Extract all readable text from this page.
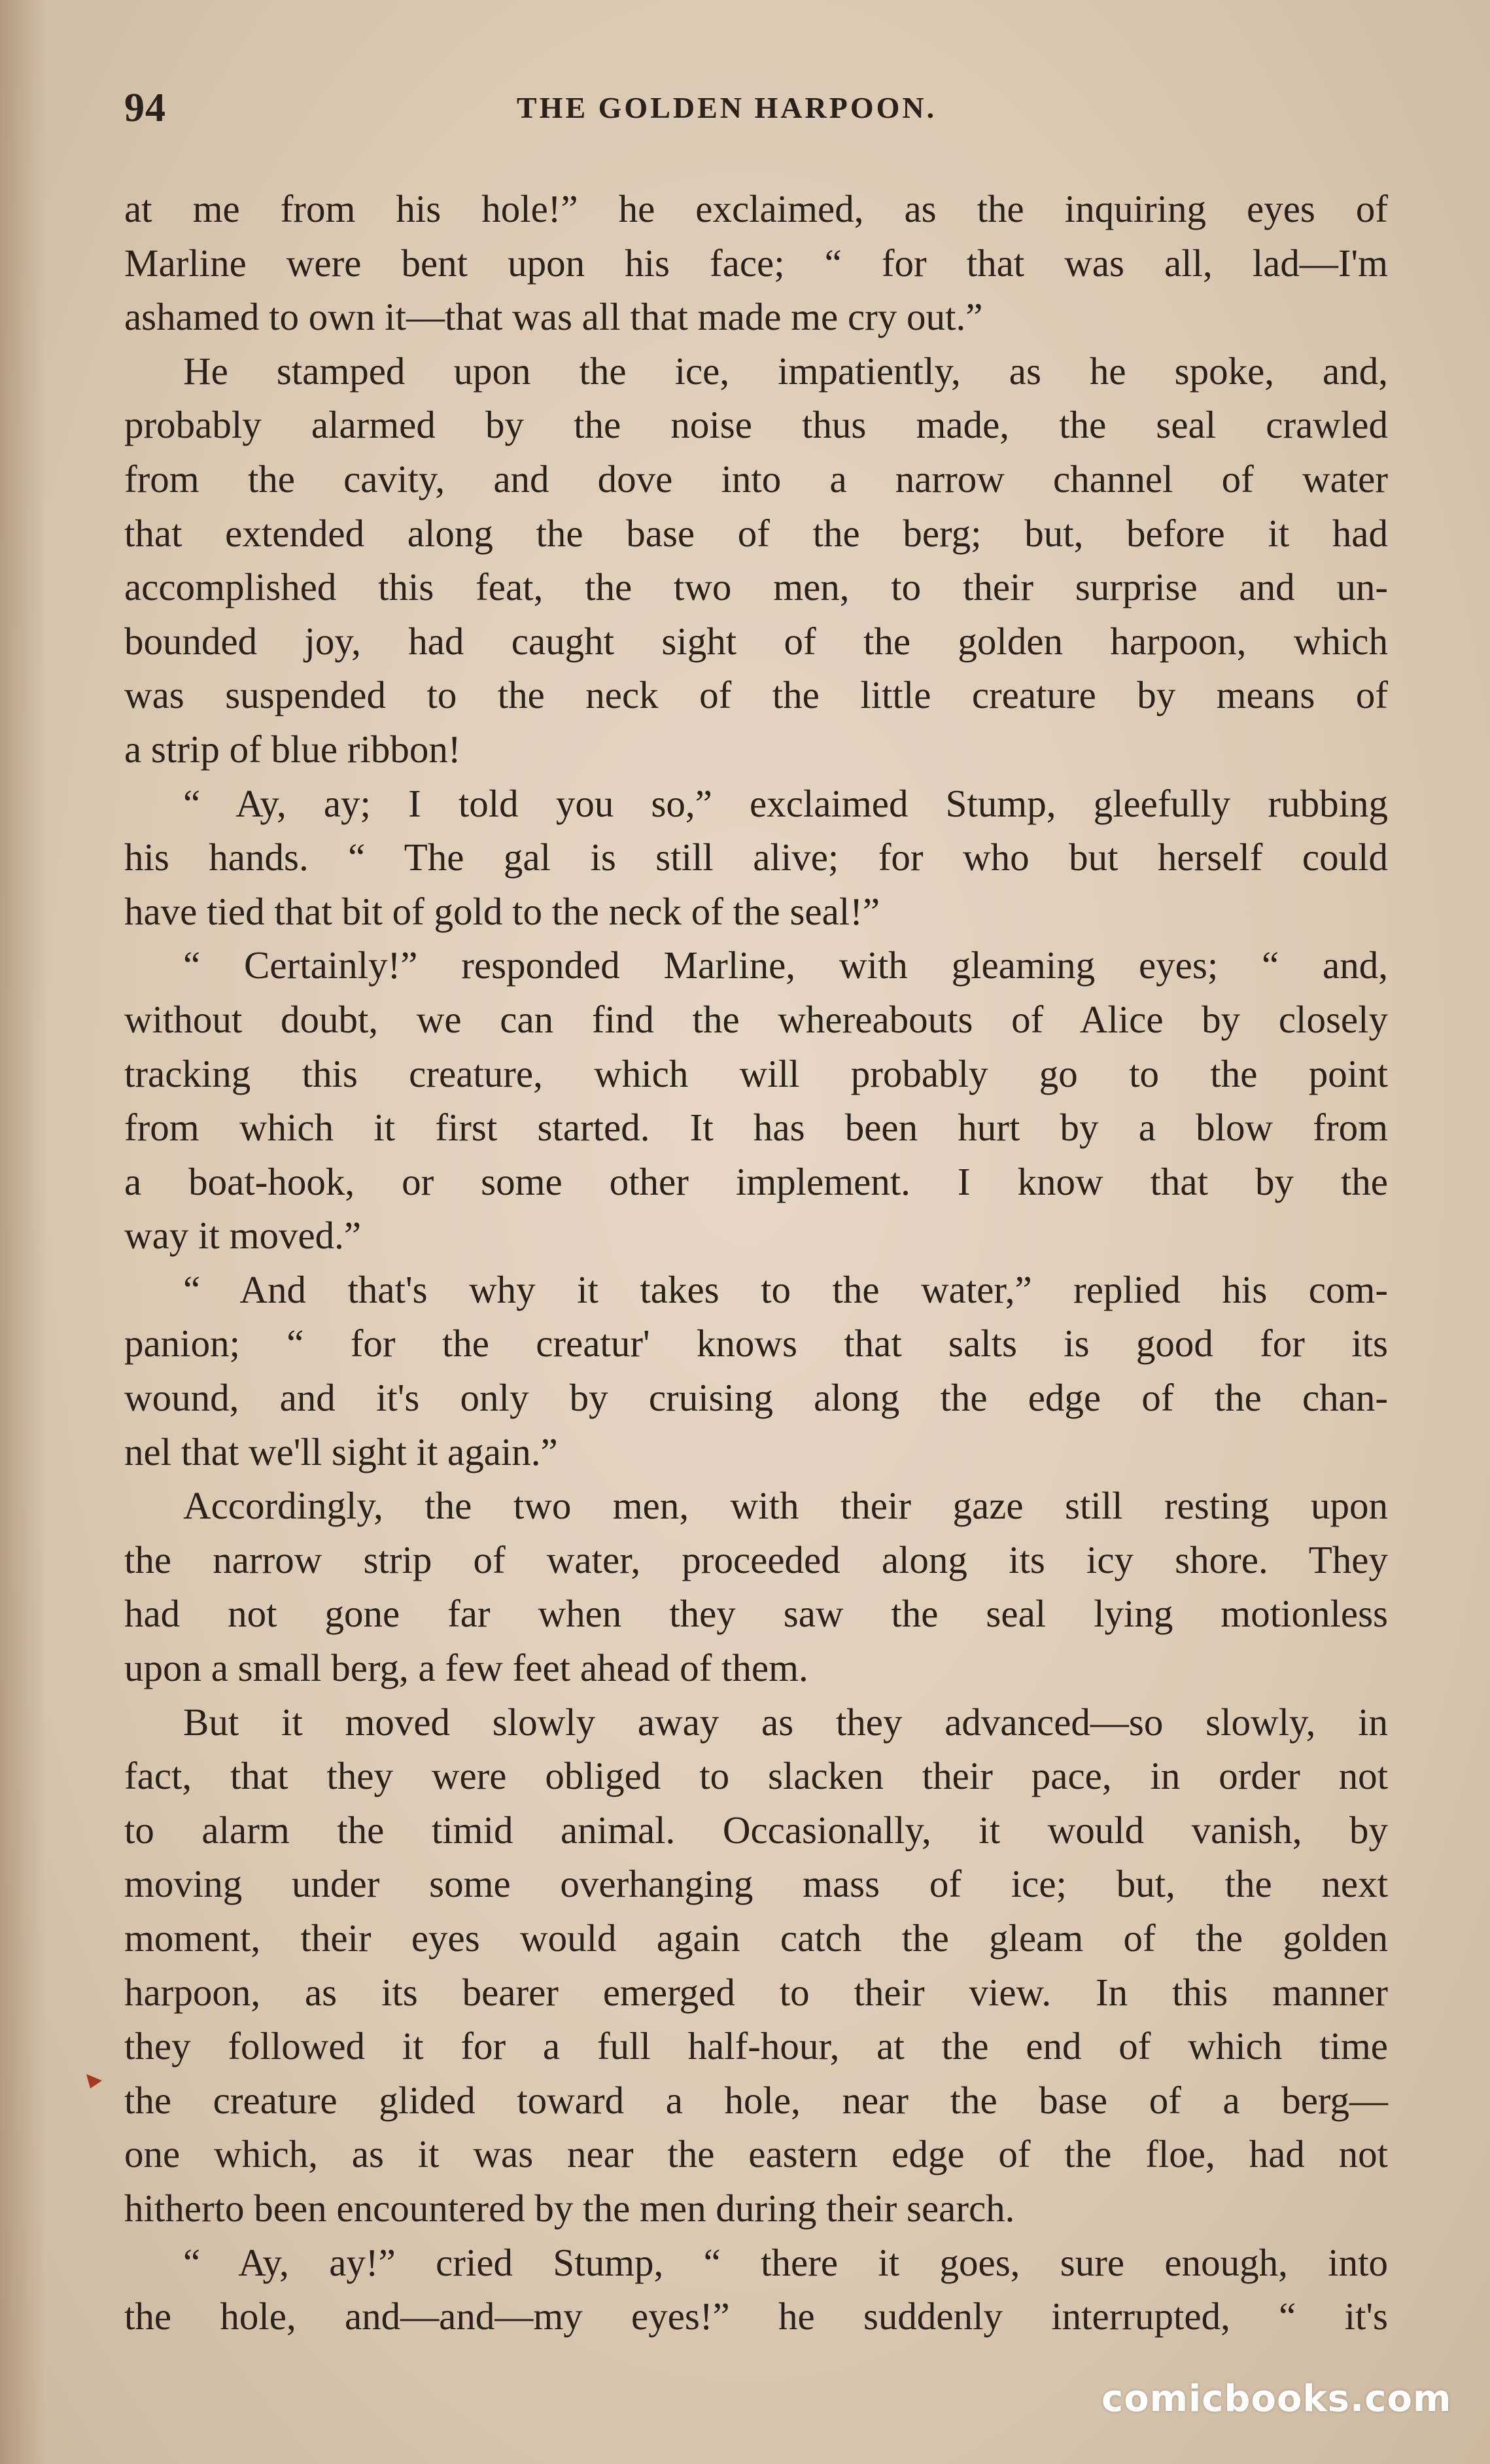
94	THE GOLDEN HARPOON.
at me from his hole!” he exclaimed, as the inquiring eyes of
Marline were bent upon his face; “ for that was all, lad—I'm
ashamed to own it—that was all that made me cry out.”
He stamped upon the ice, impatiently, as he spoke, and,
probably alarmed by the noise thus made, the seal crawled
from the cavity, and dove into a narrow channel of water
that extended along the base of the berg; but, before it had
accomplished this feat, the two men, to their surprise and un-
bounded joy, had caught sight of the golden harpoon, which
was suspended to the neck of the little creature by means of
a strip of blue ribbon!
“ Ay, ay; I told you so,” exclaimed Stump, gleefully rubbing
his hands. “ The gal is still alive; for who but herself could
have tied that bit of gold to the neck of the seal!”
“ Certainly!” responded Marline, with gleaming eyes; “ and,
without doubt, we can find the whereabouts of Alice by closely
tracking this creature, which will probably go to the point
from which it first started. It has been hurt by a blow from
a boat-hook, or some other implement. I know that by the
way it moved.”
“ And that's why it takes to the water,” replied his com-
panion; “ for the creatur' knows that salts is good for its
wound, and it's only by cruising along the edge of the chan-
nel that we'll sight it again.”
Accordingly, the two men, with their gaze still resting upon
the narrow strip of water, proceeded along its icy shore. They
had not gone far when they saw the seal lying motionless
upon a small berg, a few feet ahead of them.
But it moved slowly away as they advanced—so slowly, in
fact, that they were obliged to slacken their pace, in order not
to alarm the timid animal. Occasionally, it would vanish, by
moving under some overhanging mass of ice; but, the next
moment, their eyes would again catch the gleam of the golden
harpoon, as its bearer emerged to their view. In this manner
they followed it for a full half-hour, at the end of which time
the creature glided toward a hole, near the base of a berg—
one which, as it was near the eastern edge of the floe, had not
hitherto been encountered by the men during their search.
“ Ay, ay!” cried Stump, “ there it goes, sure enough, into
the hole, and—and—my eyes!” he suddenly interrupted, “ it's
comicbooks.com
